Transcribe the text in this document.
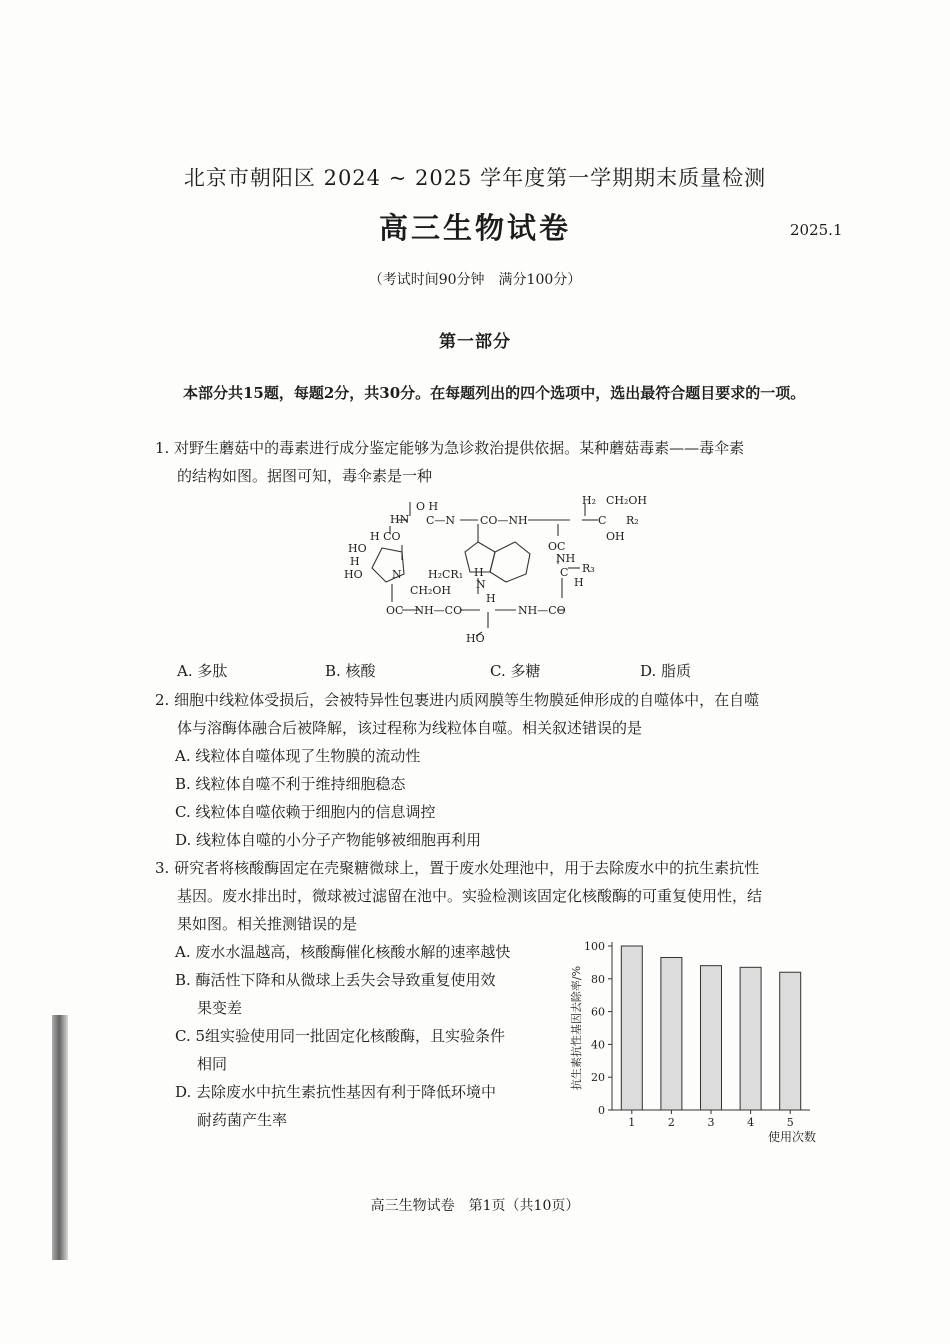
北京市朝阳区 2024 ~ 2025 学年度第一学期期末质量检测
高三生物试卷	2025.1
（考试时间90分钟　满分100分）
第一部分
本部分共15题，每题2分，共30分。在每题列出的四个选项中，选出最符合题目要求的一项。
1. 对野生蘑菇中的毒素进行成分鉴定能够为急诊救治提供依据。某种蘑菇毒素——毒伞素
的结构如图。据图可知，毒伞素是一种
HN
O H
C—N CO—NH
H₂ CH₂OH
C R₂
OH
H CO
HO
H
HO	N H₂CR₁
CH₂OH
H
N
OC
NH
R₃
C
H
OC　NH—CO
H
NH—CO
HO
A. 多肽	B. 核酸	C. 多糖	D. 脂质
2. 细胞中线粒体受损后，会被特异性包裹进内质网膜等生物膜延伸形成的自噬体中，在自噬
体与溶酶体融合后被降解，该过程称为线粒体自噬。相关叙述错误的是
A. 线粒体自噬体现了生物膜的流动性
B. 线粒体自噬不利于维持细胞稳态
C. 线粒体自噬依赖于细胞内的信息调控
D. 线粒体自噬的小分子产物能够被细胞再利用
3. 研究者将核酸酶固定在壳聚糖微球上，置于废水处理池中，用于去除废水中的抗生素抗性
基因。废水排出时，微球被过滤留在池中。实验检测该固定化核酸酶的可重复使用性，结
果如图。相关推测错误的是
A. 废水水温越高，核酸酶催化核酸水解的速率越快
B. 酶活性下降和从微球上丢失会导致重复使用效
果变差
C. 5组实验使用同一批固定化核酸酶，且实验条件
相同
D. 去除废水中抗生素抗性基因有利于降低环境中
耐药菌产生率
0
20
40
60
80
100
1	2	3	4	5
抗生素抗性基因去除率/%
使用次数
高三生物试卷　第1页（共10页）
